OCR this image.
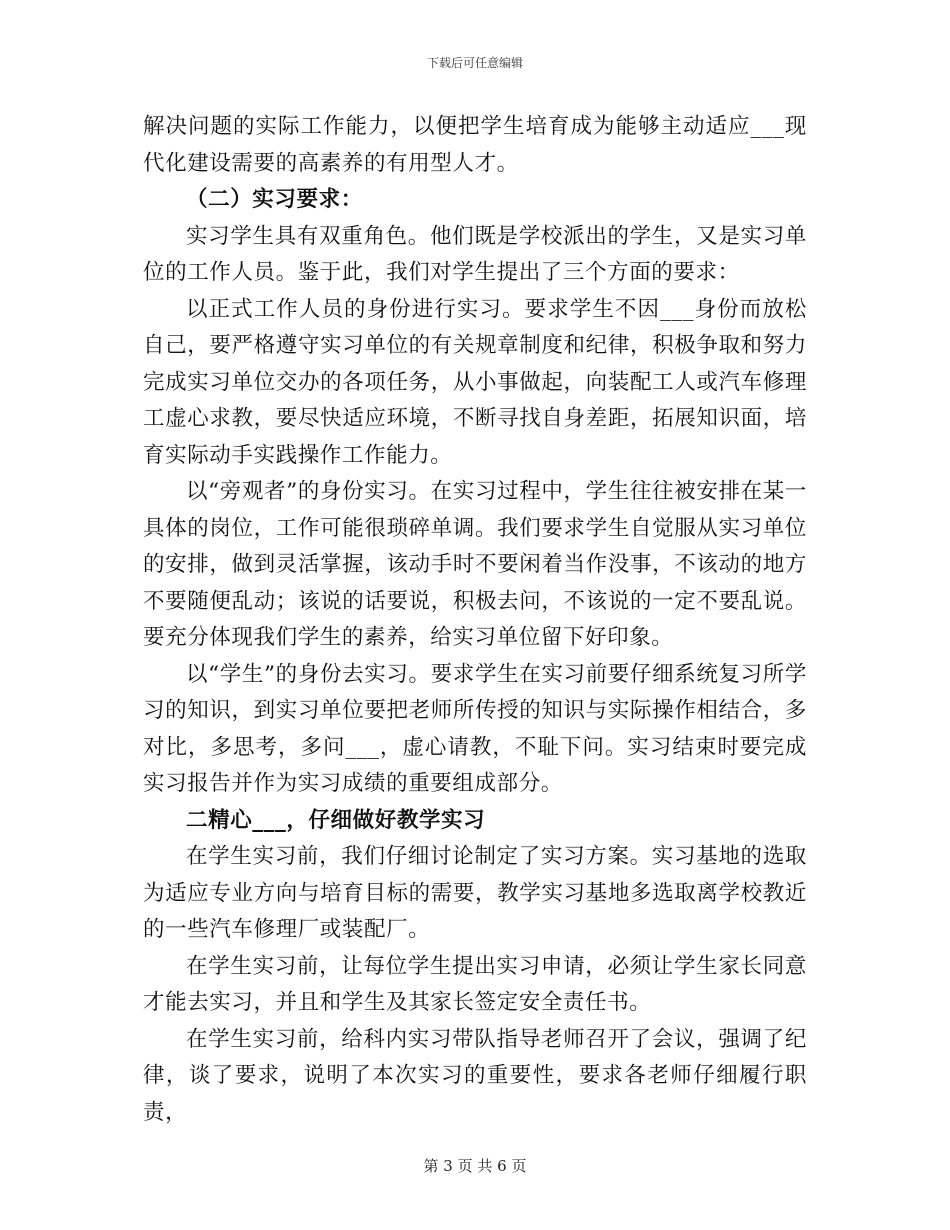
下载后可任意编辑

解决问题的实际工作能力，以便把学生培育成为能够主动适应___现代化建设需要的高素养的有用型人才。

（二）实习要求：

实习学生具有双重角色。他们既是学校派出的学生，又是实习单位的工作人员。鉴于此，我们对学生提出了三个方面的要求：

以正式工作人员的身份进行实习。要求学生不因___身份而放松自己，要严格遵守实习单位的有关规章制度和纪律，积极争取和努力完成实习单位交办的各项任务，从小事做起，向装配工人或汽车修理工虚心求教，要尽快适应环境，不断寻找自身差距，拓展知识面，培育实际动手实践操作工作能力。

以“旁观者”的身份实习。在实习过程中，学生往往被安排在某一具体的岗位，工作可能很琐碎单调。我们要求学生自觉服从实习单位的安排，做到灵活掌握，该动手时不要闲着当作没事，不该动的地方不要随便乱动；该说的话要说，积极去问，不该说的一定不要乱说。要充分体现我们学生的素养，给实习单位留下好印象。

以“学生”的身份去实习。要求学生在实习前要仔细系统复习所学习的知识，到实习单位要把老师所传授的知识与实际操作相结合，多对比，多思考，多问___，虚心请教，不耻下问。实习结束时要完成实习报告并作为实习成绩的重要组成部分。

二精心___，仔细做好教学实习

在学生实习前，我们仔细讨论制定了实习方案。实习基地的选取为适应专业方向与培育目标的需要，教学实习基地多选取离学校教近的一些汽车修理厂或装配厂。

在学生实习前，让每位学生提出实习申请，必须让学生家长同意才能去实习，并且和学生及其家长签定安全责任书。

在学生实习前，给科内实习带队指导老师召开了会议，强调了纪律，谈了要求，说明了本次实习的重要性，要求各老师仔细履行职责，

第 3 页 共 6 页
